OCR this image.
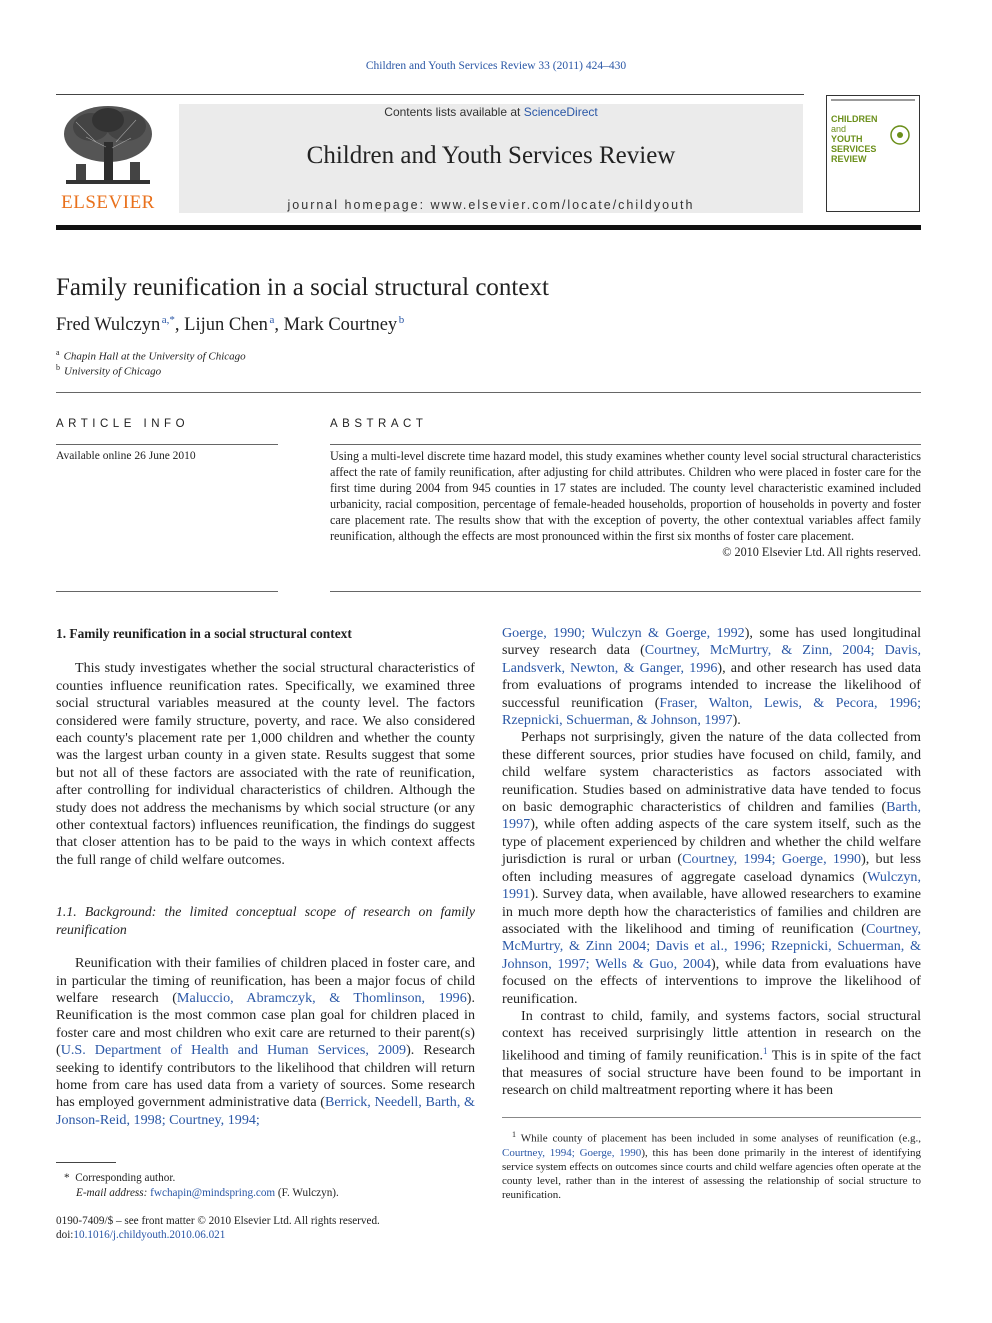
Children and Youth Services Review 33 (2011) 424–430
ELSEVIER
Contents lists available at ScienceDirect
Children and Youth Services Review
journal homepage: www.elsevier.com/locate/childyouth
CHILDREN
and
YOUTH
SERVICES
REVIEW
Family reunification in a social structural context
Fred Wulczyn  $^{a,*}$, Lijun Chen  $^a$, Mark Courtney  $^b$
$^a$ Chapin Hall at the University of Chicago
$^b$ University of Chicago
ARTICLE INFO
Available online 26 June 2010
ABSTRACT
Using a multi-level discrete time hazard model, this study examines whether county level social structural characteristics affect the rate of family reunification, after adjusting for child attributes. Children who were placed in foster care for the first time during 2004 from 945 counties in 17 states are included. The county level characteristic examined included urbanicity, racial composition, percentage of female-headed households, proportion of households in poverty and foster care placement rate. The results show that with the exception of poverty, the other contextual variables affect family reunification, although the effects are most pronounced within the first six months of foster care placement.
© 2010 Elsevier Ltd. All rights reserved.
1. Family reunification in a social structural context

This study investigates whether the social structural characteristics of counties influence reunification rates. Specifically, we examined three social structural variables measured at the county level. The factors considered were family structure, poverty, and race. We also considered each county's placement rate per 1,000 children and whether the county was the largest urban county in a given state. Results suggest that some but not all of these factors are associated with the rate of reunification, after controlling for individual characteristics of children. Although the study does not address the mechanisms by which social structure (or any other contextual factors) influences reunification, the findings do suggest that closer attention has to be paid to the ways in which context affects the full range of child welfare outcomes.

1.1. Background: the limited conceptual scope of research on family reunification

Reunification with their families of children placed in foster care, and in particular the timing of reunification, has been a major focus of child welfare research (Maluccio, Abramczyk, & Thomlinson, 1996). Reunification is the most common case plan goal for children placed in foster care and most children who exit care are returned to their parent(s) (U.S. Department of Health and Human Services, 2009). Research seeking to identify contributors to the likelihood that children will return home from care has used data from a variety of sources. Some research has employed government administrative data (Berrick, Needell, Barth, & Jonson-Reid, 1998; Courtney, 1994;

Goerge, 1990; Wulczyn & Goerge, 1992), some has used longitudinal survey research data (Courtney, McMurtry, & Zinn, 2004; Davis, Landsverk, Newton, & Ganger, 1996), and other research has used data from evaluations of programs intended to increase the likelihood of successful reunification (Fraser, Walton, Lewis, & Pecora, 1996; Rzepnicki, Schuerman, & Johnson, 1997).

Perhaps not surprisingly, given the nature of the data collected from these different sources, prior studies have focused on child, family, and child welfare system characteristics as factors associated with reunification. Studies based on administrative data have tended to focus on basic demographic characteristics of children and families (Barth, 1997), while often adding aspects of the care system itself, such as the type of placement experienced by children and whether the child welfare jurisdiction is rural or urban (Courtney, 1994; Goerge, 1990), but less often including measures of aggregate caseload dynamics (Wulczyn, 1991). Survey data, when available, have allowed researchers to examine in much more depth how the characteristics of families and children are associated with the likelihood and timing of reunification (Courtney, McMurtry, & Zinn 2004; Davis et al., 1996; Rzepnicki, Schuerman, & Johnson, 1997; Wells & Guo, 2004), while data from evaluations have focused on the effects of interventions to improve the likelihood of reunification.

In contrast to child, family, and systems factors, social structural context has received surprisingly little attention in research on the likelihood and timing of family reunification.$^1$ This is in spite of the fact that measures of social structure have been found to be important in research on child maltreatment reporting where it has been

*  Corresponding author.
E-mail address: fwchapin@mindspring.com (F. Wulczyn).
0190-7409/$ – see front matter © 2010 Elsevier Ltd. All rights reserved.
doi:10.1016/j.childyouth.2010.06.021
$^1$ While county of placement has been included in some analyses of reunification (e.g., Courtney, 1994; Goerge, 1990), this has been done primarily in the interest of identifying service system effects on outcomes since courts and child welfare agencies often operate at the county level, rather than in the interest of assessing the relationship of social structure to reunification.
